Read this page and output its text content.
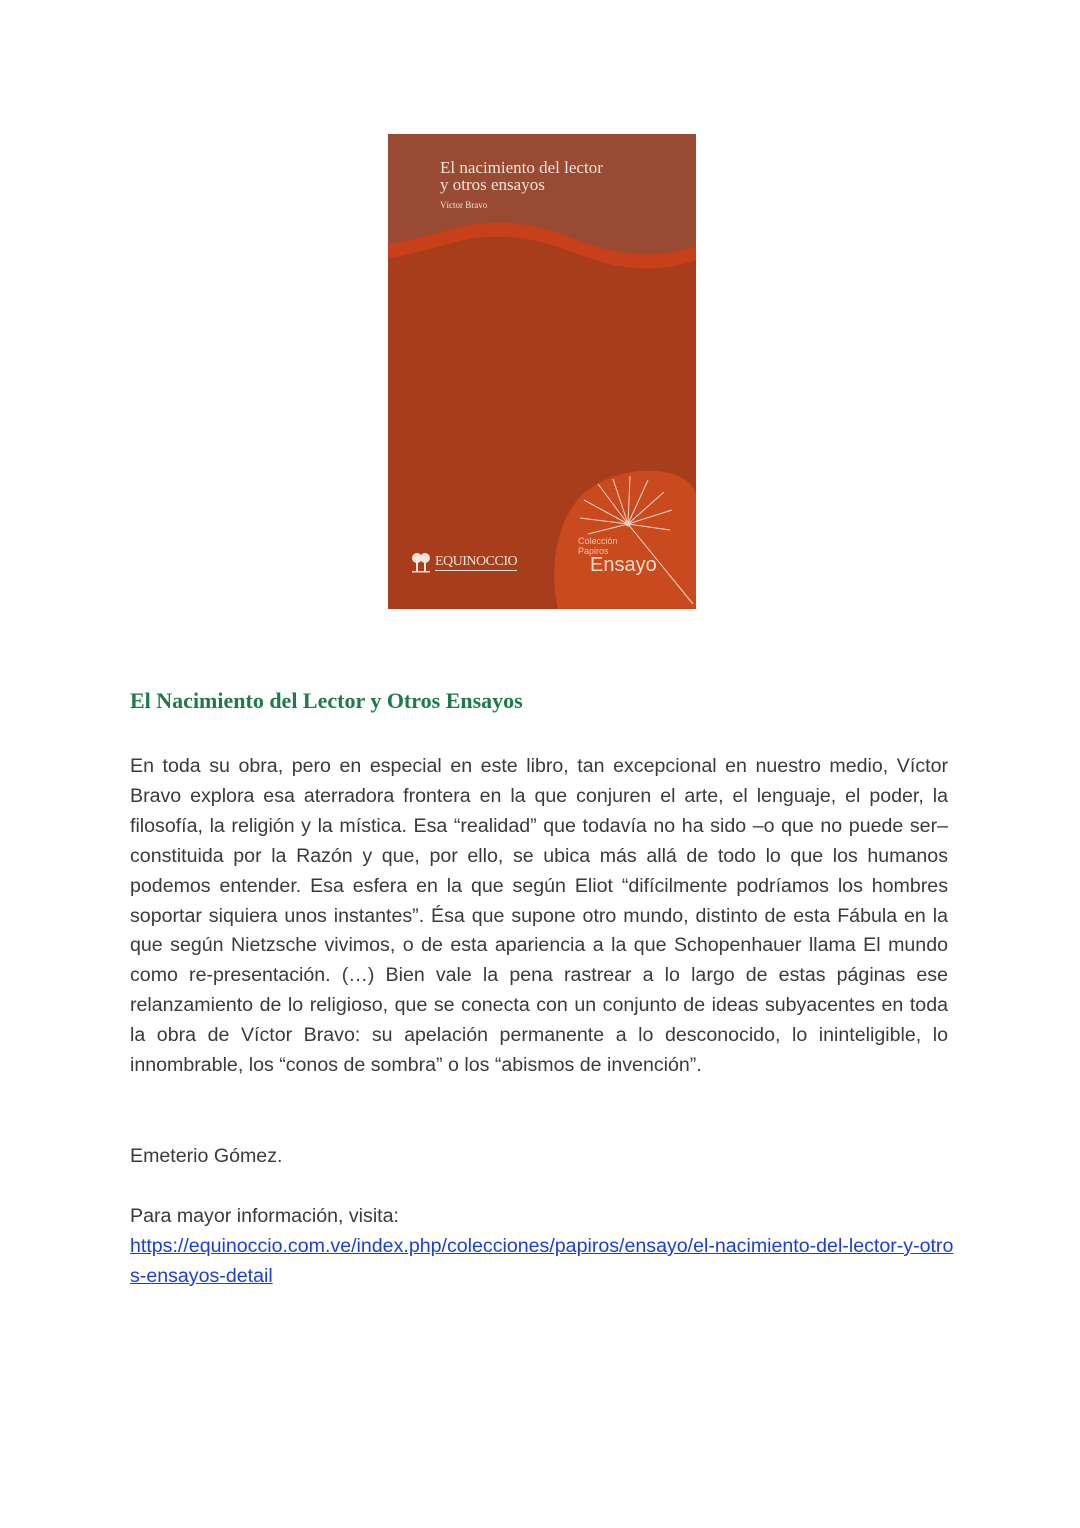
El nacimiento del lector
y otros ensayos
Víctor Bravo
EQUINOCCIO
Colección
Papiros
Ensayo
El Nacimiento del Lector y Otros Ensayos

En toda su obra, pero en especial en este libro, tan excepcional en nuestro medio, Víctor Bravo explora esa aterradora frontera en la que conjuren el arte, el lenguaje, el poder, la filosofía, la religión y la mística. Esa “realidad” que todavía no ha sido –o que no puede ser– constituida por la Razón y que, por ello, se ubica más allá de todo lo que los humanos podemos entender. Esa esfera en la que según Eliot “difícilmente podríamos los hombres soportar siquiera unos instantes”. Ésa que supone otro mundo, distinto de esta Fábula en la que según Nietzsche vivimos, o de esta apariencia a la que Schopenhauer llama El mundo como re-presentación. (…) Bien vale la pena rastrear a lo largo de estas páginas ese relanzamiento de lo religioso, que se conecta con un conjunto de ideas subyacentes en toda la obra de Víctor Bravo: su apelación permanente a lo desconocido, lo ininteligible, lo innombrable, los “conos de sombra” o los “abismos de invención”.

Emeterio Gómez.

Para mayor información, visita:

https://equinoccio.com.ve/index.php/colecciones/papiros/ensayo/el-nacimiento-del-lector-y-otros-ensayos-detail
